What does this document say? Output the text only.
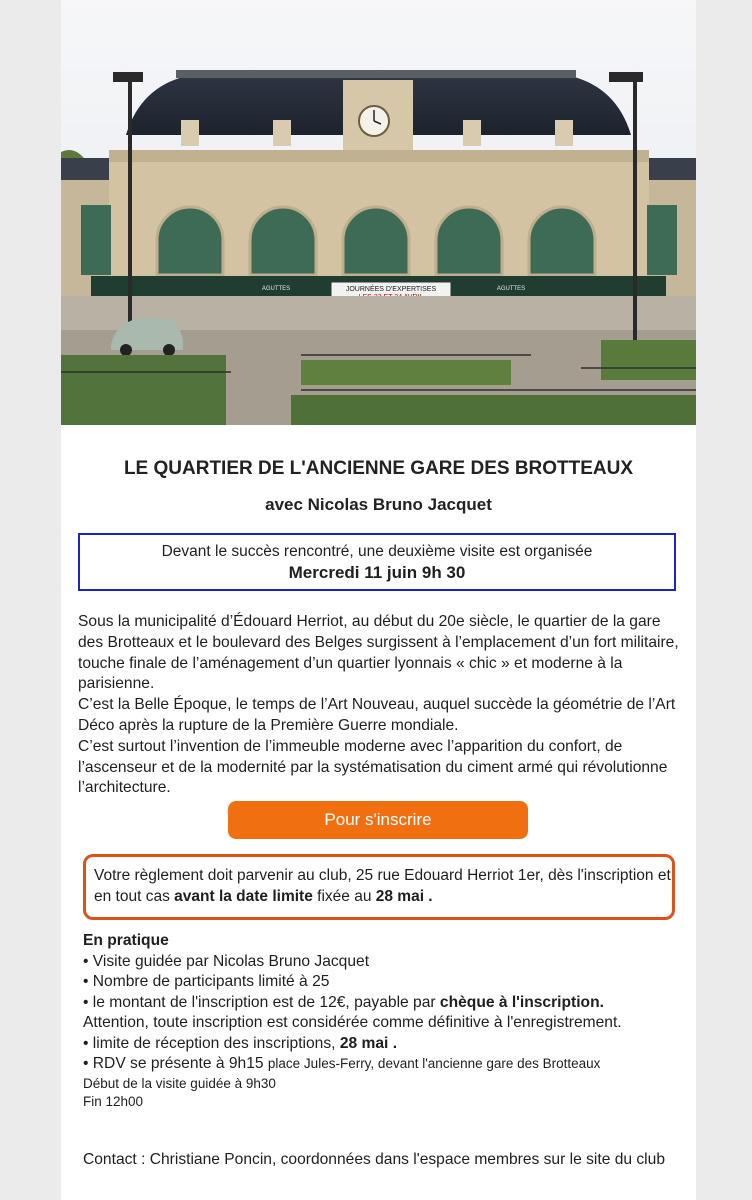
JOURNÉES D'EXPERTISES
AGUTTES	AGUTTES
LE QUARTIER DE L'ANCIENNE GARE DES BROTTEAUX
avec Nicolas Bruno Jacquet
Devant le succès rencontré, une deuxième visite est organisée
Mercredi 11 juin 9h 30

Sous la municipalité d’Édouard Herriot, au début du 20e siècle, le quartier de la gare des Brotteaux et le boulevard des Belges surgissent à l’emplacement d’un fort militaire, touche finale de l’aménagement d’un quartier lyonnais « chic » et moderne à la parisienne.

C’est la Belle Époque, le temps de l’Art Nouveau, auquel succède la géométrie de l’Art Déco après la rupture de la Première Guerre mondiale.

C’est surtout l’invention de l’immeuble moderne avec l’apparition du confort, de l’ascenseur et de la modernité par la systématisation du ciment armé qui révolutionne l’architecture.

Pour s'inscrire
Votre règlement doit parvenir au club, 25 rue Edouard Herriot 1er, dès l'inscription et en tout cas avant la date limite fixée au 28 mai .

En pratique

• Visite guidée par Nicolas Bruno Jacquet

• Nombre de participants limité à 25

• le montant de l'inscription est de 12€, payable par chèque à l'inscription.

Attention, toute inscription est considérée comme définitive à l'enregistrement.

• limite de réception des inscriptions, 28 mai .

• RDV se présente à 9h15 place Jules-Ferry, devant l'ancienne gare des Brotteaux

Début de la visite guidée à 9h30

Fin 12h00

Contact : Christiane Poncin, coordonnées dans l'espace membres sur le site du club
